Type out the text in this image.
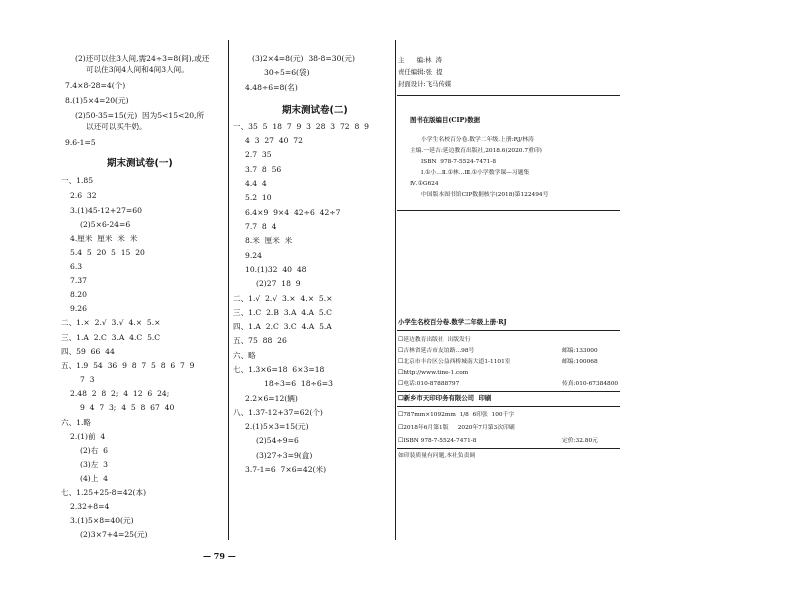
(2)还可以住3人间,需24÷3=8(间),或还
可以住3间4人间和4间3人间。
7.4×8-28=4(个)
8.(1)5×4=20(元)
(2)50-35=15(元)  因为5<15<20,所
以还可以买牛奶。
9.6-1=5
期末测试卷(一)
一、1.85
2.6  32
3.(1)45-12+27=60
(2)5×6-24=6
4.厘米  厘米  米  米
5.4  5  20  5  15  20
6.3
7.37
8.20
9.26
二、1.×  2.√  3.√  4.×  5.×
三、1.A  2.C  3.A  4.C  5.C
四、59  66  44
五、1.9  54  36  9  8  7  5  8  6  7  9
7  3
2.48  2  8  2;  4  12  6  24;
9  4  7  3;  4  5  8  67  40
六、1.略
2.(1)前  4
(2)右  6
(3)左  3
(4)上  4
七、1.25+25-8=42(本)
2.32+8=4
3.(1)5×8=40(元)
(2)3×7+4=25(元)
— 79 —
(3)2×4=8(元)  38-8=30(元)
30÷5=6(袋)
4.48÷6=8(名)
期末测试卷(二)
一、35  5  18  7  9  3  28  3  72  8  9
4  3  27  40  72
2.7  35
3.7  8  56
4.4  4
5.2  10
6.4×9  9×4  42÷6  42÷7
7.7  8  4
8.米  厘米  米
9.24
10.(1)32  40  48
(2)27  18  9
二、1.√  2.√  3.×  4.×  5.×
三、1.C  2.B  3.A  4.A  5.C
四、1.A  2.C  3.C  4.A  5.A
五、75  88  26
六、略
七、1.3×6=18  6×3=18
18÷3=6  18÷6=3
2.2×6=12(辆)
八、1.37-12+37=62(个)
2.(1)5×3=15(元)
(2)54÷9=6
(3)27÷3=9(盒)
3.7-1=6  7×6=42(米)
主      编:林  涛
责任编辑:张  提
封面设计:飞马传媒
图书在版编目(CIP)数据
小学生名校百分卷.数学二年级.上册:RJ/林涛
主编.一延吉:延边教育出版社,2018.6(2020.7重印)
ISBN  978-7-5524-7471-8
Ⅰ.①小…Ⅱ.①林…Ⅲ.①小学数学课—习题集
Ⅳ.①G624
中国版本图书馆CIP数据核字(2018)第122494号
小学生名校百分卷.数学二年级上册·RJ
☐延边教育出版社  出版发行
☐吉林省延吉市友谊路…98号	邮编:133000
☐北京市丰台区公益西桥城南大道1-1101室	邮编:100068
☐http://www.tine-1.com
☐电话:010-87888797	传真:010-67384800
☐新乡市天印印务有限公司  印刷
☐787mm×1092mm  1/8  6印张  100千字
☐2018年6月第1版     2020年7月第3次印刷
☐ISBN 978-7-5524-7471-8	定价:32.80元
如印装质量有问题,本社负责调
